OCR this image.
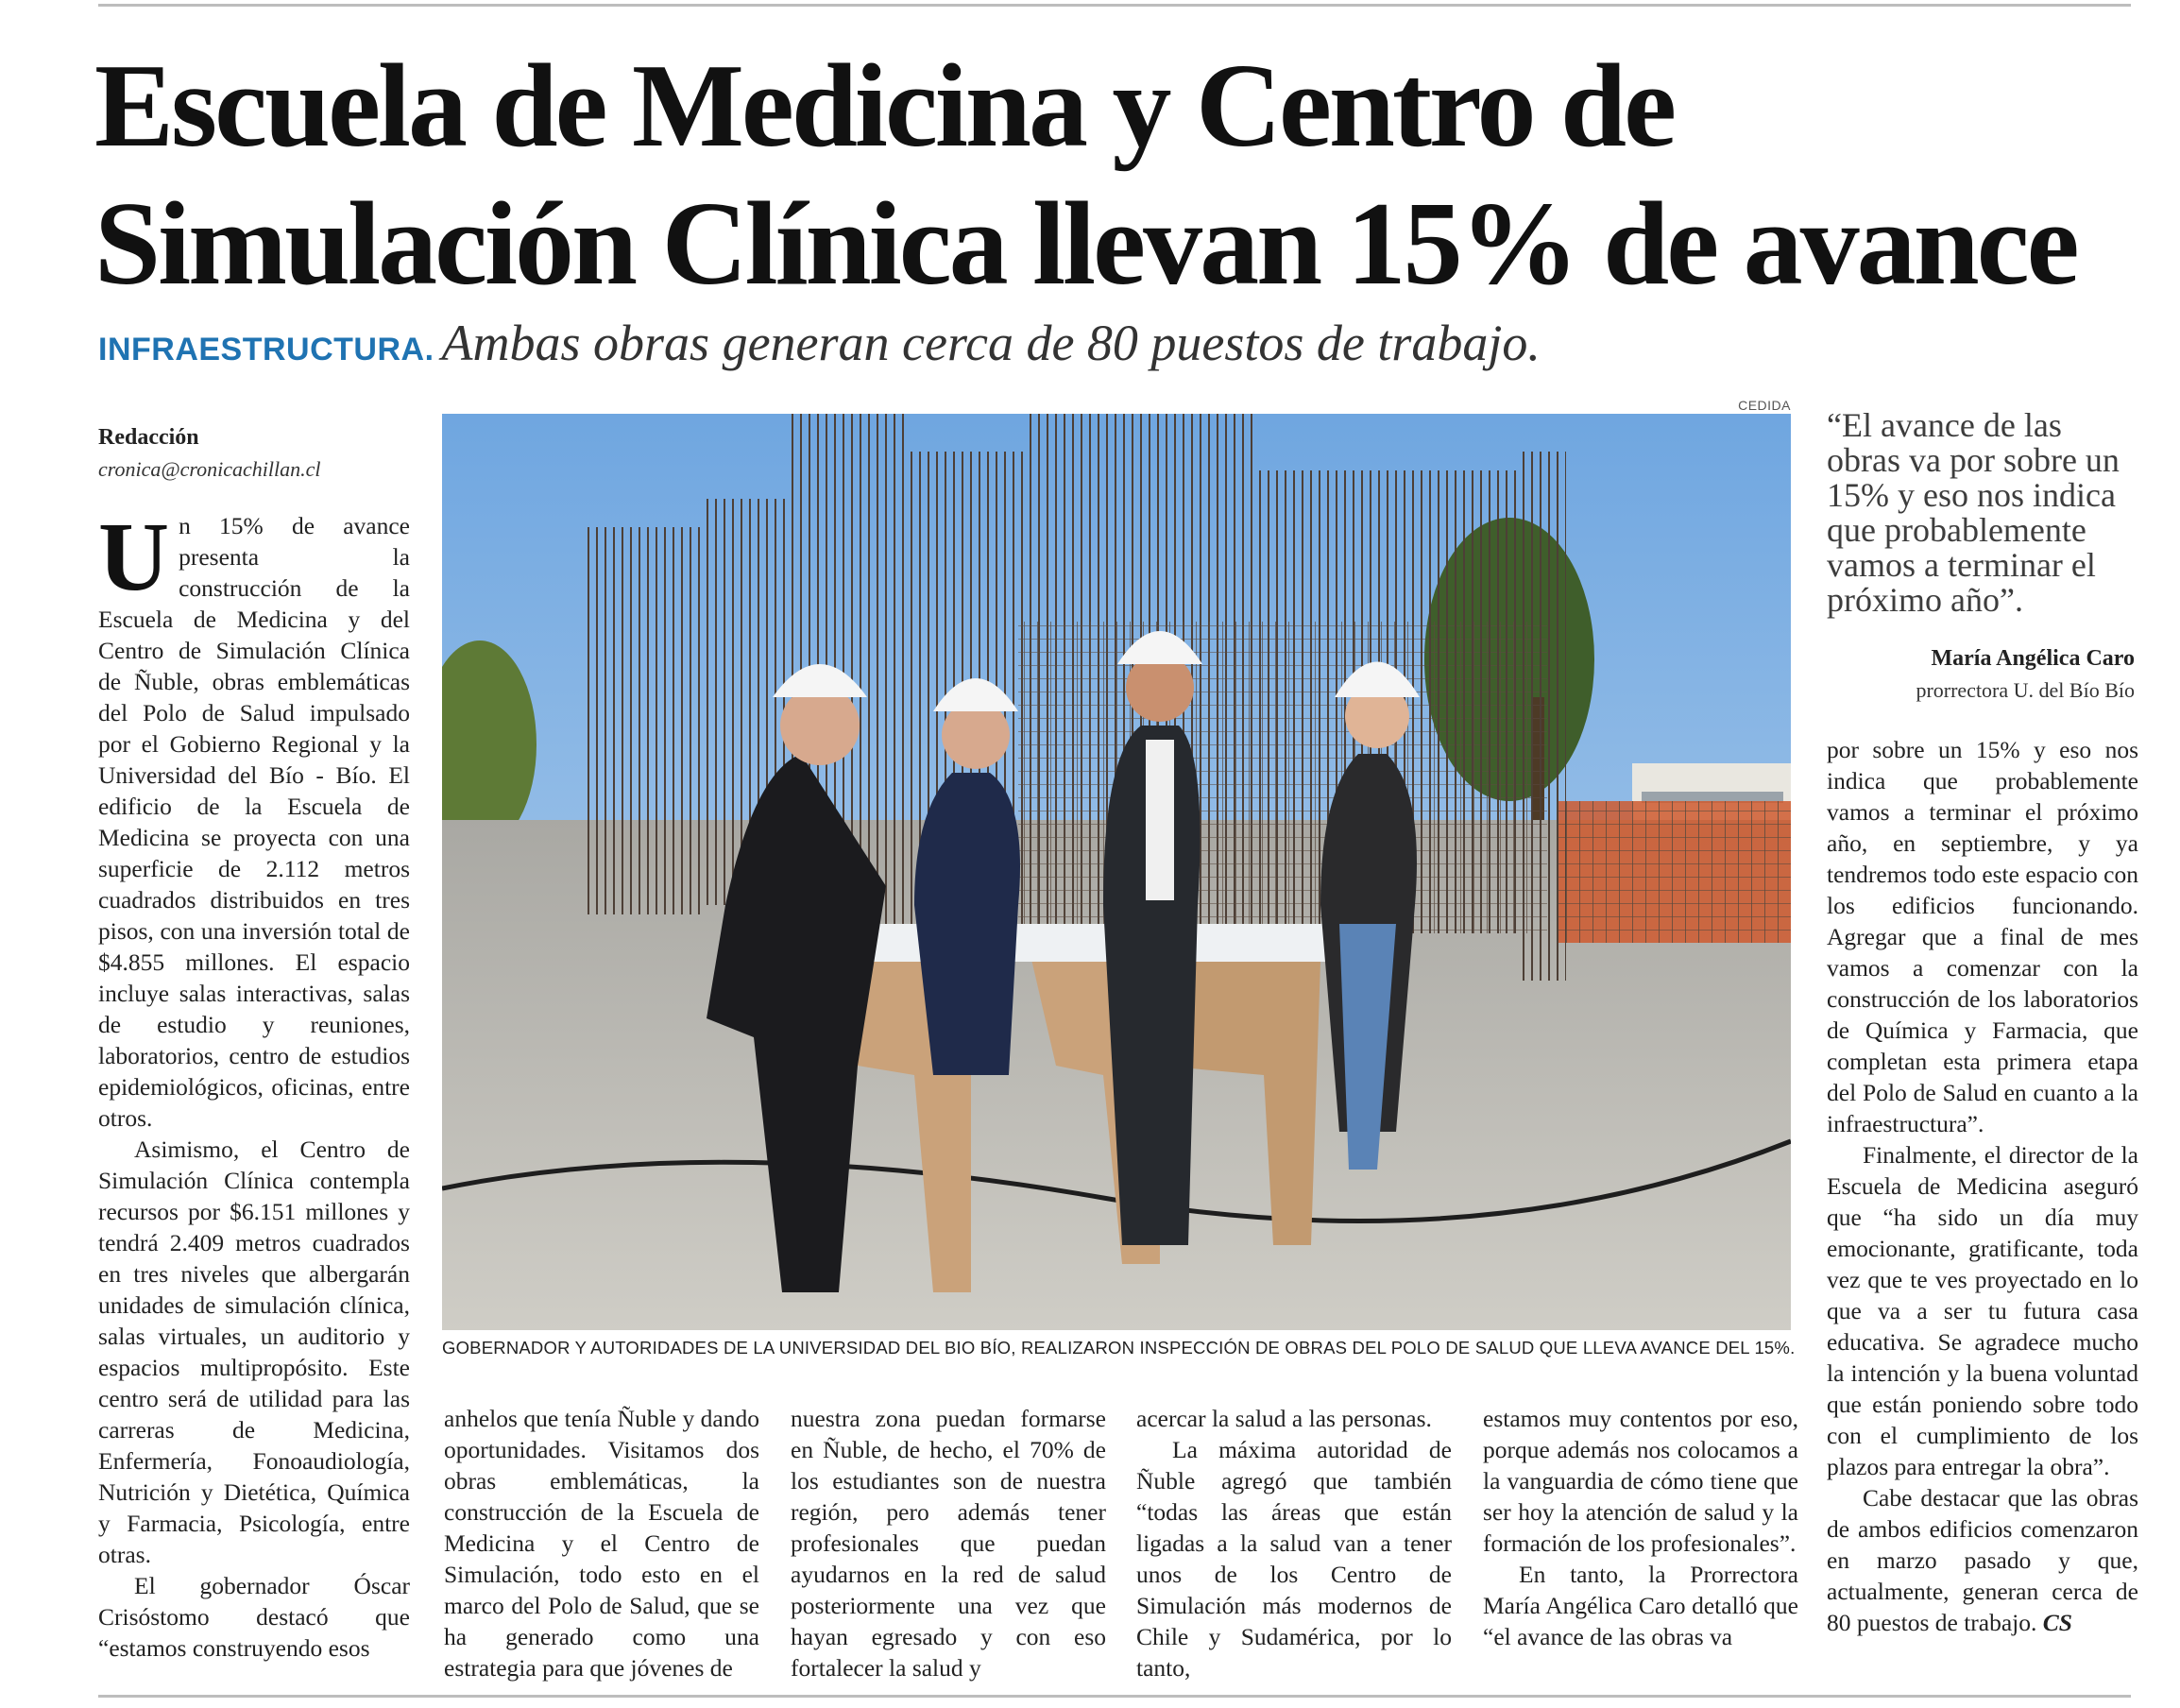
Escuela de Medicina y Centro de Simulación Clínica llevan 15% de avance
INFRAESTRUCTURA. Ambas obras generan cerca de 80 puestos de trabajo.
Redacción
cronica@cronicachillan.cl

Un 15% de avance presenta la construcción de la Escuela de Medicina y del Centro de Simulación Clínica de Ñuble, obras emblemáticas del Polo de Salud impulsado por el Gobierno Regional y la Universidad del Bío - Bío. El edificio de la Escuela de Medicina se proyecta con una superficie de 2.112 metros cuadrados distribuidos en tres pisos, con una inversión total de $4.855 millones. El espacio incluye salas interactivas, salas de estudio y reuniones, laboratorios, centro de estudios epidemiológicos, oficinas, entre otros.

Asimismo, el Centro de Simulación Clínica contempla recursos por $6.151 millones y tendrá 2.409 metros cuadrados en tres niveles que albergarán unidades de simulación clínica, salas virtuales, un auditorio y espacios multipropósito. Este centro será de utilidad para las carreras de Medicina, Enfermería, Fonoaudiología, Nutrición y Dietética, Química y Farmacia, Psicología, entre otras.

El gobernador Óscar Crisóstomo destacó que “estamos construyendo esos

CEDIDA
GOBERNADOR Y AUTORIDADES DE LA UNIVERSIDAD DEL BIO BÍO, REALIZARON INSPECCIÓN DE OBRAS DEL POLO DE SALUD QUE LLEVA AVANCE DEL 15%.

“El avance de las obras va por sobre un 15% y eso nos indica que probablemente vamos a terminar el próximo año”.

María Angélica Caro
prorrectora U. del Bío Bío

anhelos que tenía Ñuble y dando oportunidades. Visitamos dos obras emblemáticas, la construcción de la Escuela de Medicina y el Centro de Simulación, todo esto en el marco del Polo de Salud, que se ha generado como una estrategia para que jóvenes de

nuestra zona puedan formarse en Ñuble, de hecho, el 70% de los estudiantes son de nuestra región, pero además tener profesionales que puedan ayudarnos en la red de salud posteriormente una vez que hayan egresado y con eso fortalecer la salud y

acercar la salud a las personas.

La máxima autoridad de Ñuble agregó que también “todas las áreas que están ligadas a la salud van a tener unos de los Centro de Simulación más modernos de Chile y Sudamérica, por lo tanto,

estamos muy contentos por eso, porque además nos colocamos a la vanguardia de cómo tiene que ser hoy la atención de salud y la formación de los profesionales”.

En tanto, la Prorrectora María Angélica Caro detalló que “el avance de las obras va

por sobre un 15% y eso nos indica que probablemente vamos a terminar el próximo año, en septiembre, y ya tendremos todo este espacio con los edificios funcionando. Agregar que a final de mes vamos a comenzar con la construcción de los laboratorios de Química y Farmacia, que completan esta primera etapa del Polo de Salud en cuanto a la infraestructura”.

Finalmente, el director de la Escuela de Medicina aseguró que “ha sido un día muy emocionante, gratificante, toda vez que te ves proyectado en lo que va a ser tu futura casa educativa. Se agradece mucho la intención y la buena voluntad que están poniendo sobre todo con el cumplimiento de los plazos para entregar la obra”.

Cabe destacar que las obras de ambos edificios comenzaron en marzo pasado y que, actualmente, generan cerca de 80 puestos de trabajo. CS
